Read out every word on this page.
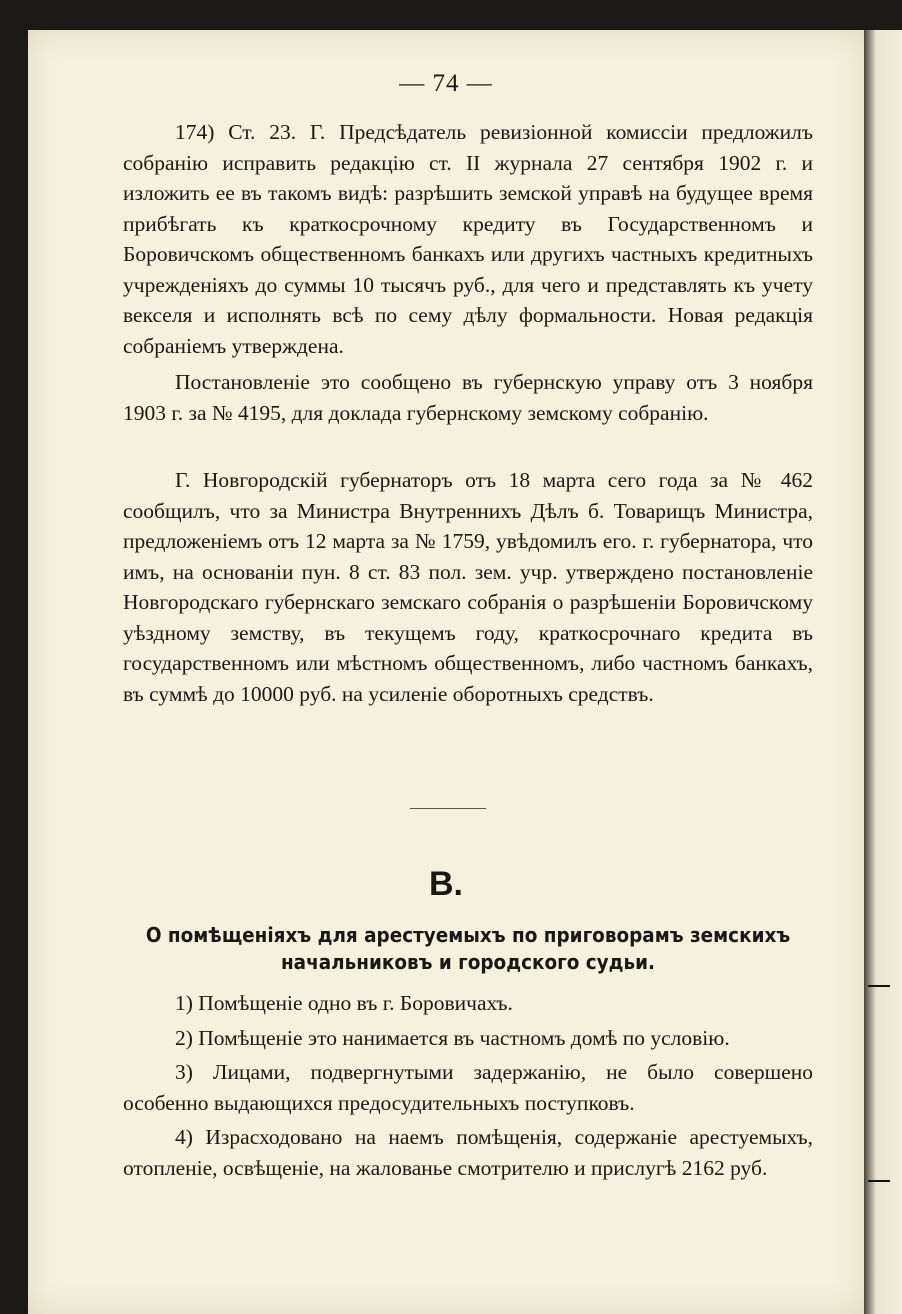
— 74 —
174) Ст. 23. Г. Предсѣдатель ревизіонной комиссіи предложилъ собранію исправить редакцію ст. II журнала 27 сентября 1902 г. и изложить ее въ такомъ видѣ: разрѣшить земской управѣ на будущее время прибѣгать къ краткосрочному кредиту въ Государственномъ и Боровичскомъ общественномъ банкахъ или другихъ частныхъ кредитныхъ учрежденіяхъ до суммы 10 тысячъ руб., для чего и представлять къ учету векселя и исполнять всѣ по сему дѣлу формальности. Новая редакція собраніемъ утверждена.
Постановленіе это сообщено въ губернскую управу отъ 3 ноября 1903 г. за № 4195, для доклада губернскому земскому собранію.
Г. Новгородскій губернаторъ отъ 18 марта сего года за № 462 сообщилъ, что за Министра Внутреннихъ Дѣлъ б. Товарищъ Министра, предложеніемъ отъ 12 марта за № 1759, увѣдомилъ его. г. губернатора, что имъ, на основаніи пун. 8 ст. 83 пол. зем. учр. утверждено постановленіе Новгородскаго губернскаго земскаго собранія о разрѣшеніи Боровичскому уѣздному земству, въ текущемъ году, краткосрочнаго кредита въ государственномъ или мѣстномъ общественномъ, либо частномъ банкахъ, въ суммѣ до 10000 руб. на усиленіе оборотныхъ средствъ.
В.
О помѣщеніяхъ для арестуемыхъ по приговорамъ земскихъ начальниковъ и городского судьи.

1) Помѣщеніе одно въ г. Боровичахъ.

2) Помѣщеніе это нанимается въ частномъ домѣ по условію.

3) Лицами, подвергнутыми задержанію, не было совершено особенно выдающихся предосудительныхъ поступковъ.

4) Израсходовано на наемъ помѣщенія, содержаніе арестуемыхъ, отопленіе, освѣщеніе, на жалованье смотрителю и прислугѣ 2162 руб.
